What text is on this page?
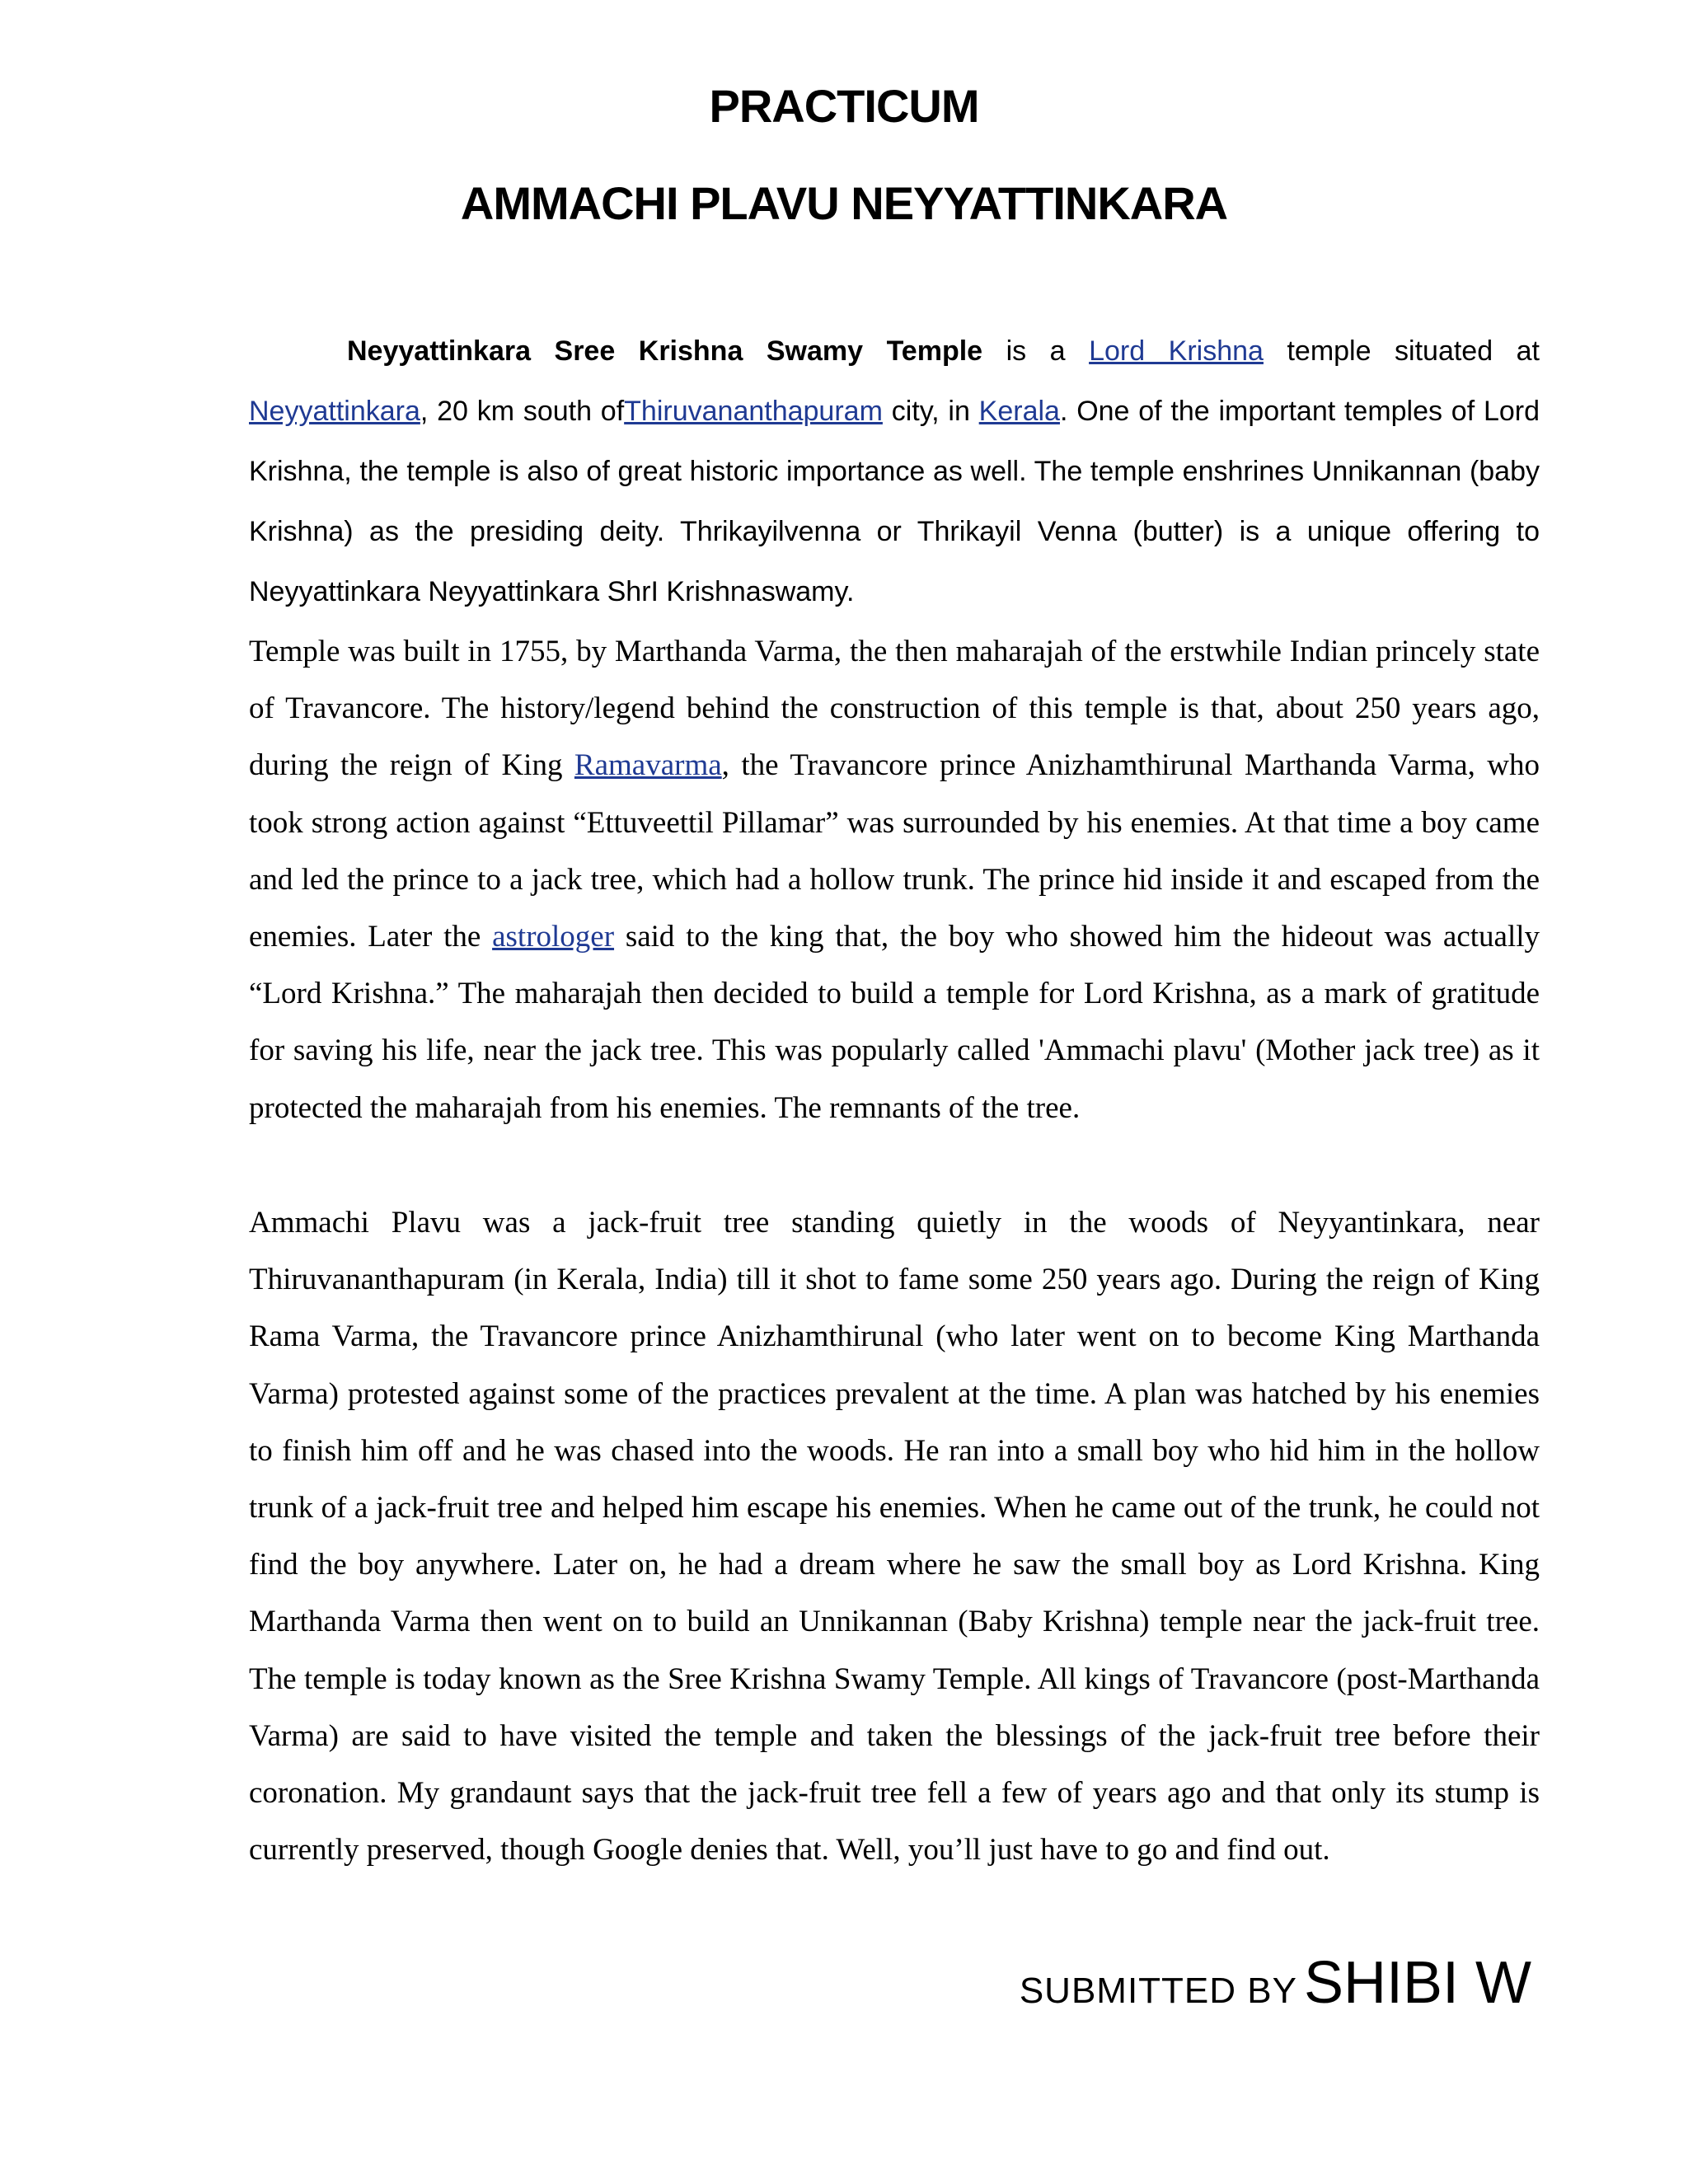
PRACTICUM
AMMACHI PLAVU NEYYATTINKARA

Neyyattinkara Sree Krishna Swamy Temple is a Lord Krishna temple situated at Neyyattinkara, 20 km south ofThiruvananthapuram city, in Kerala. One of the important temples of Lord Krishna, the temple is also of great historic importance as well. The temple enshrines Unnikannan (baby Krishna) as the presiding deity. Thrikayilvenna or Thrikayil Venna (butter) is a unique offering to Neyyattinkara Neyyattinkara ShrI Krishnaswamy.

Temple was built in 1755, by Marthanda Varma, the then maharajah of the erstwhile Indian princely state of Travancore. The history/legend behind the construction of this temple is that, about 250 years ago, during the reign of King Ramavarma, the Travancore prince Anizhamthirunal Marthanda Varma, who took strong action against “Ettuveettil Pillamar” was surrounded by his enemies. At that time a boy came and led the prince to a jack tree, which had a hollow trunk. The prince hid inside it and escaped from the enemies. Later the astrologer said to the king that, the boy who showed him the hideout was actually “Lord Krishna.” The maharajah then decided to build a temple for Lord Krishna, as a mark of gratitude for saving his life, near the jack tree. This was popularly called 'Ammachi plavu' (Mother jack tree) as it protected the maharajah from his enemies. The remnants of the tree.

Ammachi Plavu was a jack-fruit tree standing quietly in the woods of Neyyantinkara, near Thiruvananthapuram (in Kerala, India) till it shot to fame some 250 years ago. During the reign of King Rama Varma, the Travancore prince Anizhamthirunal (who later went on to become King Marthanda Varma) protested against some of the practices prevalent at the time. A plan was hatched by his enemies to finish him off and he was chased into the woods. He ran into a small boy who hid him in the hollow trunk of a jack-fruit tree and helped him escape his enemies. When he came out of the trunk, he could not find the boy anywhere. Later on, he had a dream where he saw the small boy as Lord Krishna. King Marthanda Varma then went on to build an Unnikannan (Baby Krishna) temple near the jack-fruit tree. The temple is today known as the Sree Krishna Swamy Temple. All kings of Travancore (post-Marthanda Varma) are said to have visited the temple and taken the blessings of the jack-fruit tree before their coronation. My grandaunt says that the jack-fruit tree fell a few of years ago and that only its stump is currently preserved, though Google denies that. Well, you’ll just have to go and find out.

SUBMITTED BY SHIBI W
